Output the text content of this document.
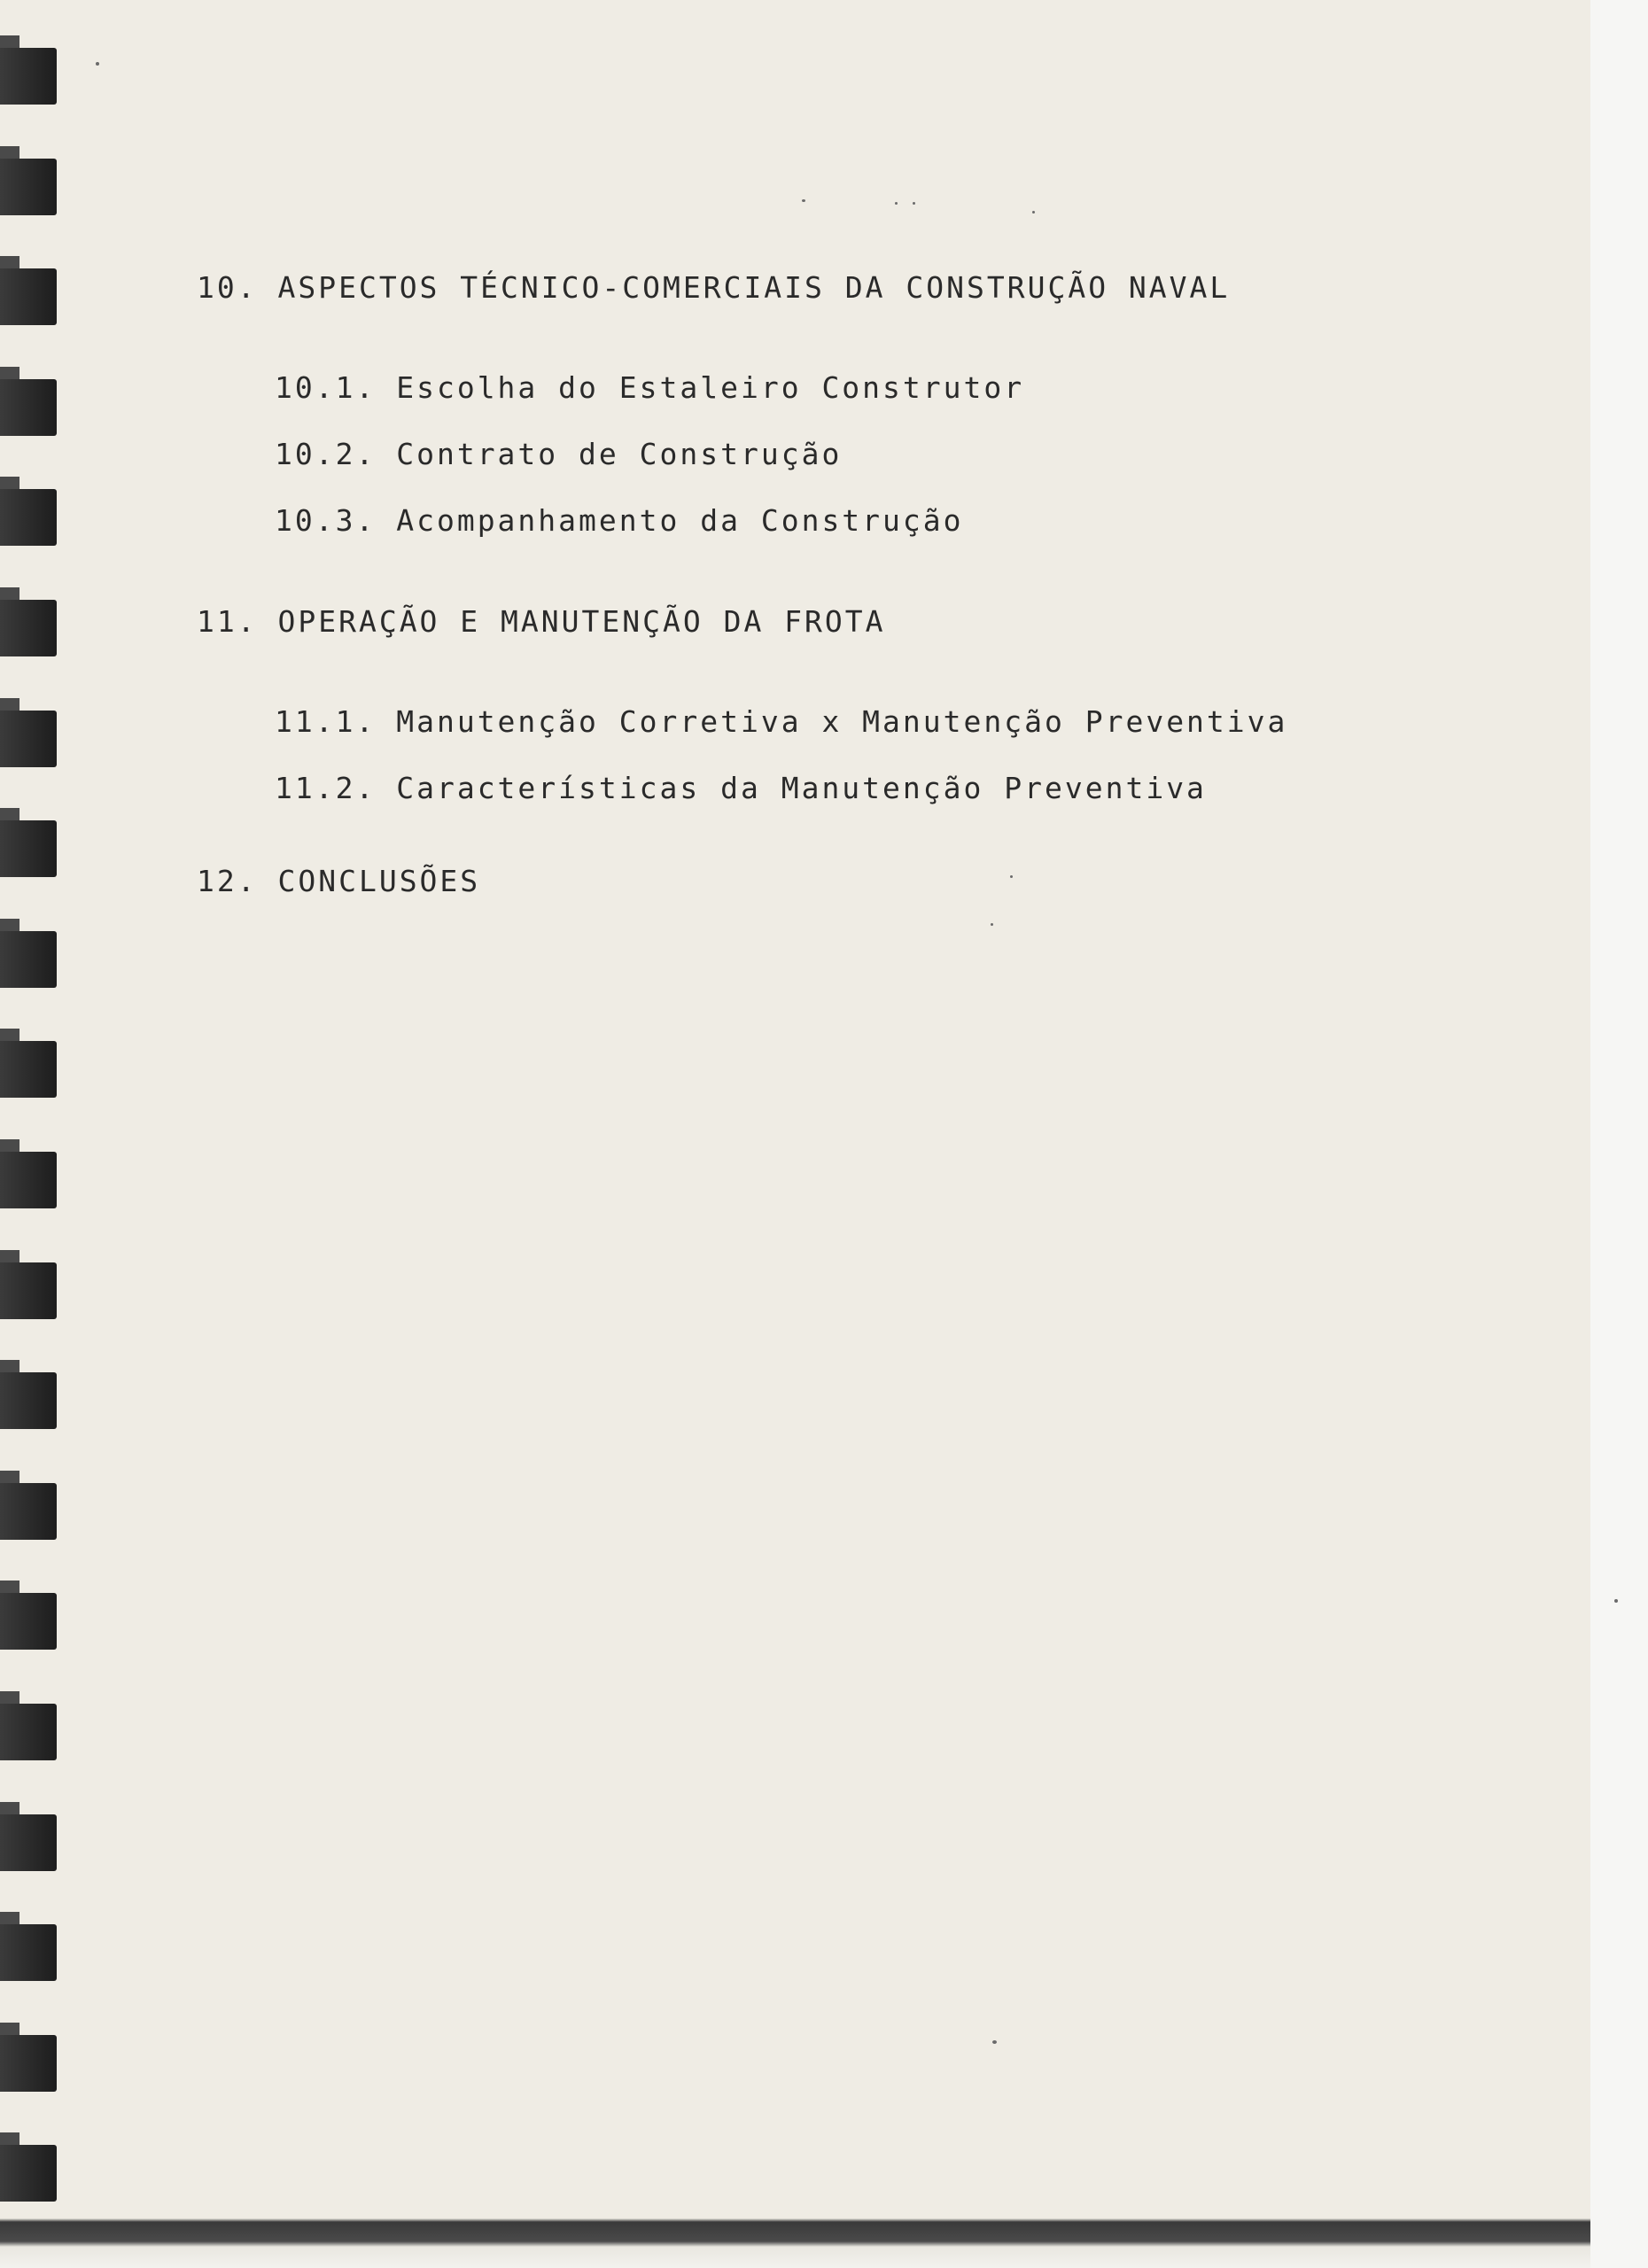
10. ASPECTOS TÉCNICO-COMERCIAIS DA CONSTRUÇÃO NAVAL

10.1. Escolha do Estaleiro Construtor

10.2. Contrato de Construção

10.3. Acompanhamento da Construção

11. OPERAÇÃO E MANUTENÇÃO DA FROTA

11.1. Manutenção Corretiva x Manutenção Preventiva

11.2. Características da Manutenção Preventiva

12. CONCLUSÕES
